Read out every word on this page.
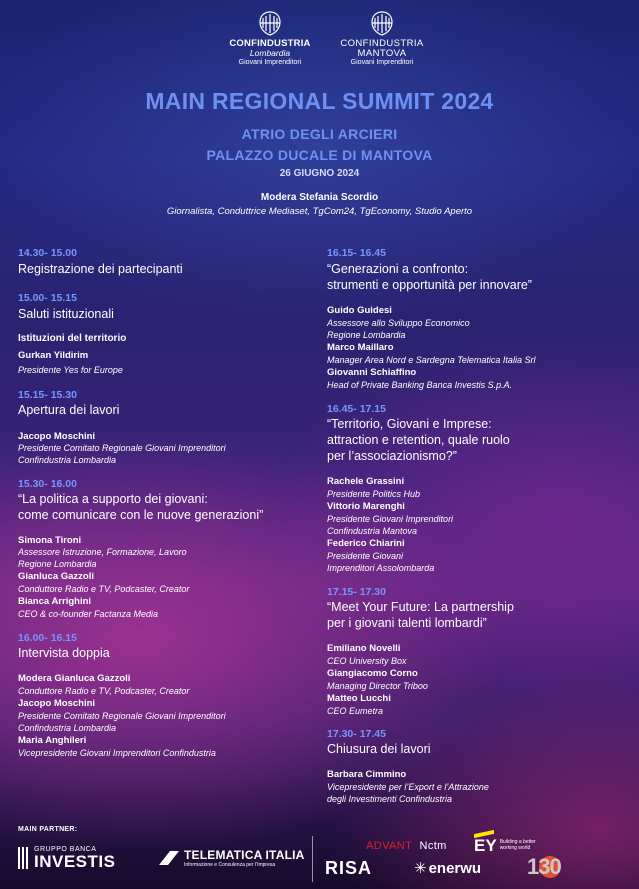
CONFINDUSTRIA
Lombardia
Giovani Imprenditori
CONFINDUSTRIA
MANTOVA
Giovani Imprenditori
MAIN REGIONAL SUMMIT 2024
ATRIO DEGLI ARCIERI
PALAZZO DUCALE DI MANTOVA
26 GIUGNO 2024
Modera Stefania Scordio
Giornalista, Conduttrice Mediaset, TgCom24, TgEconomy, Studio Aperto
14.30- 15.00
Registrazione dei partecipanti
15.00- 15.15
Saluti istituzionali
Istituzioni del territorio
Gurkan Yildirim
Presidente Yes for Europe
15.15- 15.30
Apertura dei lavori
Jacopo Moschini
Presidente Comitato Regionale Giovani Imprenditori
Confindustria Lombardia
15.30- 16.00
“La politica a supporto dei giovani:
come comunicare con le nuove generazioni”
Simona Tironi
Assessore Istruzione, Formazione, Lavoro
Regione Lombardia
Gianluca Gazzoli
Conduttore Radio e TV, Podcaster, Creator
Bianca Arrighini
CEO & co-founder Factanza Media
16.00- 16.15
Intervista doppia
Modera Gianluca Gazzoli
Conduttore Radio e TV, Podcaster, Creator
Jacopo Moschini
Presidente Comitato Regionale Giovani Imprenditori
Confindustria Lombardia
Maria Anghileri
Vicepresidente Giovani Imprenditori Confindustria
16.15- 16.45
“Generazioni a confronto:
strumenti e opportunità per innovare”
Guido Guidesi
Assessore allo Sviluppo Economico
Regione Lombardia
Marco Maillaro
Manager Area Nord e Sardegna Telematica Italia Srl
Giovanni Schiaffino
Head of Private Banking Banca Investis S.p.A.
16.45- 17.15
“Territorio, Giovani e Imprese:
attraction e retention, quale ruolo
per l’associazionismo?”
Rachele Grassini
Presidente Politics Hub
Vittorio Marenghi
Presidente Giovani Imprenditori
Confindustria Mantova
Federico Chiarini
Presidente Giovani
Imprenditori Assolombarda
17.15- 17.30
“Meet Your Future: La partnership
per i giovani talenti lombardi”
Emiliano Novelli
CEO University Box
Giangiacomo Corno
Managing Director Triboo
Matteo Lucchi
CEO Eumetra
17.30- 17.45
Chiusura dei lavori
Barbara Cimmino
Vicepresidente per l’Export e l’Attrazione
degli Investimenti Confindustria
MAIN PARTNER:
GRUPPO BANCA
INVESTIS	TELEMATICA ITALIA
Informazione e Consulenza per l’Impresa	RISA
ADVANT Nctm EY Building a better working world
✳ enerwu 130
